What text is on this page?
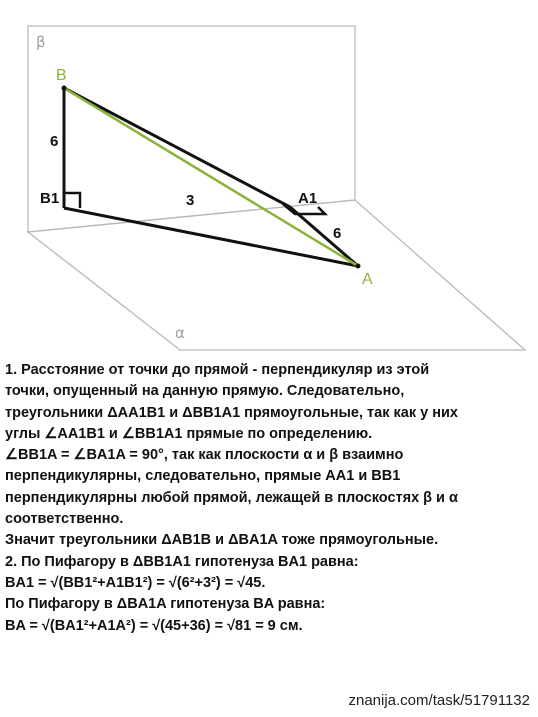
β
α
B
B1	A1
A
6
3
6
1. Расстояние от точки до прямой - перпендикуляр из этой
точки, опущенный на данную прямую. Следовательно,
треугольники ΔAA1B1 и ΔBB1A1 прямоугольные, так как у них
углы ∠AA1B1 и ∠BB1A1 прямые по определению.
∠BB1A = ∠BA1A = 90°, так как плоскости α и β взаимно
перпендикулярны, следовательно, прямые AA1 и BB1
перпендикулярны любой прямой, лежащей в плоскостях β и α
соответственно.
Значит треугольники ΔAB1B и ΔBA1A тоже прямоугольные.
2. По Пифагору в ΔBB1A1 гипотенуза BA1 равна:
BA1 = √(BB1²+A1B1²) = √(6²+3²) = √45.
По Пифагору в ΔBA1A гипотенуза BA равна:
BA = √(BA1²+A1A²) = √(45+36) = √81 = 9 см.
znanija.com/task/51791132
